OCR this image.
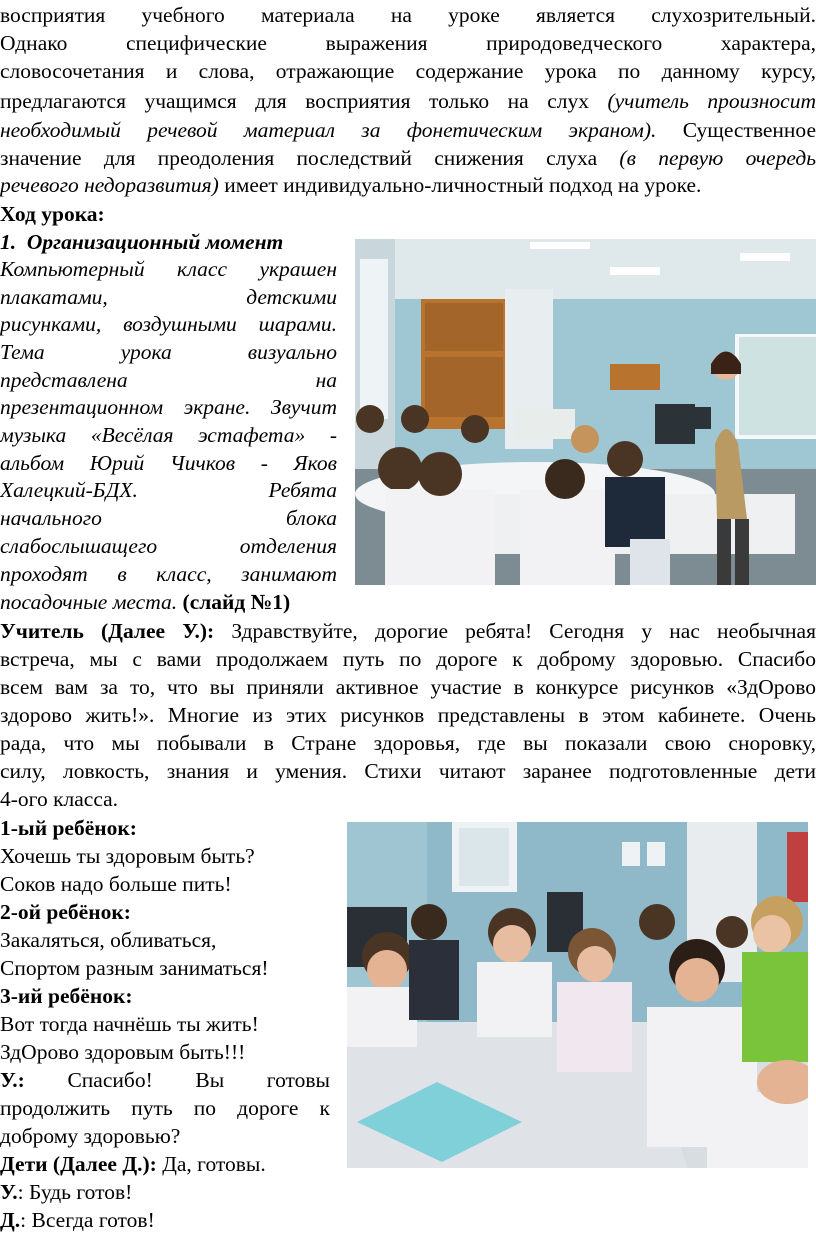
восприятия учебного материала на уроке является слухозрительный.
Однако специфические выражения природоведческого характера,
словосочетания и слова, отражающие содержание урока по данному курсу,
предлагаются учащимся для восприятия только на слух (учитель произносит
необходимый речевой материал за фонетическим экраном). Существенное
значение для преодоления последствий снижения слуха (в первую очередь
речевого недоразвития) имеет индивидуально-личностный подход на уроке.
Ход урока:
1. Организационный момент
Компьютерный класс украшен
плакатами, детскими
рисунками, воздушными шарами.
Тема урока визуально
представлена на
презентационном экране. Звучит
музыка «Весёлая эстафета» -
альбом Юрий Чичков - Яков
Халецкий-БДХ. Ребята
начального блока
слабослышащего отделения
проходят в класс, занимают
посадочные места. (слайд №1)
Учитель (Далее У.): Здравствуйте, дорогие ребята! Сегодня у нас необычная
встреча, мы с вами продолжаем путь по дороге к доброму здоровью. Спасибо
всем вам за то, что вы приняли активное участие в конкурсе рисунков «ЗдОрово
здорово жить!». Многие из этих рисунков представлены в этом кабинете. Очень
рада, что мы побывали в Стране здоровья, где вы показали свою сноровку,
силу, ловкость, знания и умения. Стихи читают заранее подготовленные дети
4-ого класса.
1-ый ребёнок:
Хочешь ты здоровым быть?
Соков надо больше пить!
2-ой ребёнок:
Закаляться, обливаться,
Спортом разным заниматься!
3-ий ребёнок:
Вот тогда начнёшь ты жить!
ЗдОрово здоровым быть!!!
У.: Спасибо! Вы готовы
продолжить путь по дороге к
доброму здоровью?
Дети (Далее Д.): Да, готовы.
У.: Будь готов!
Д.: Всегда готов!
